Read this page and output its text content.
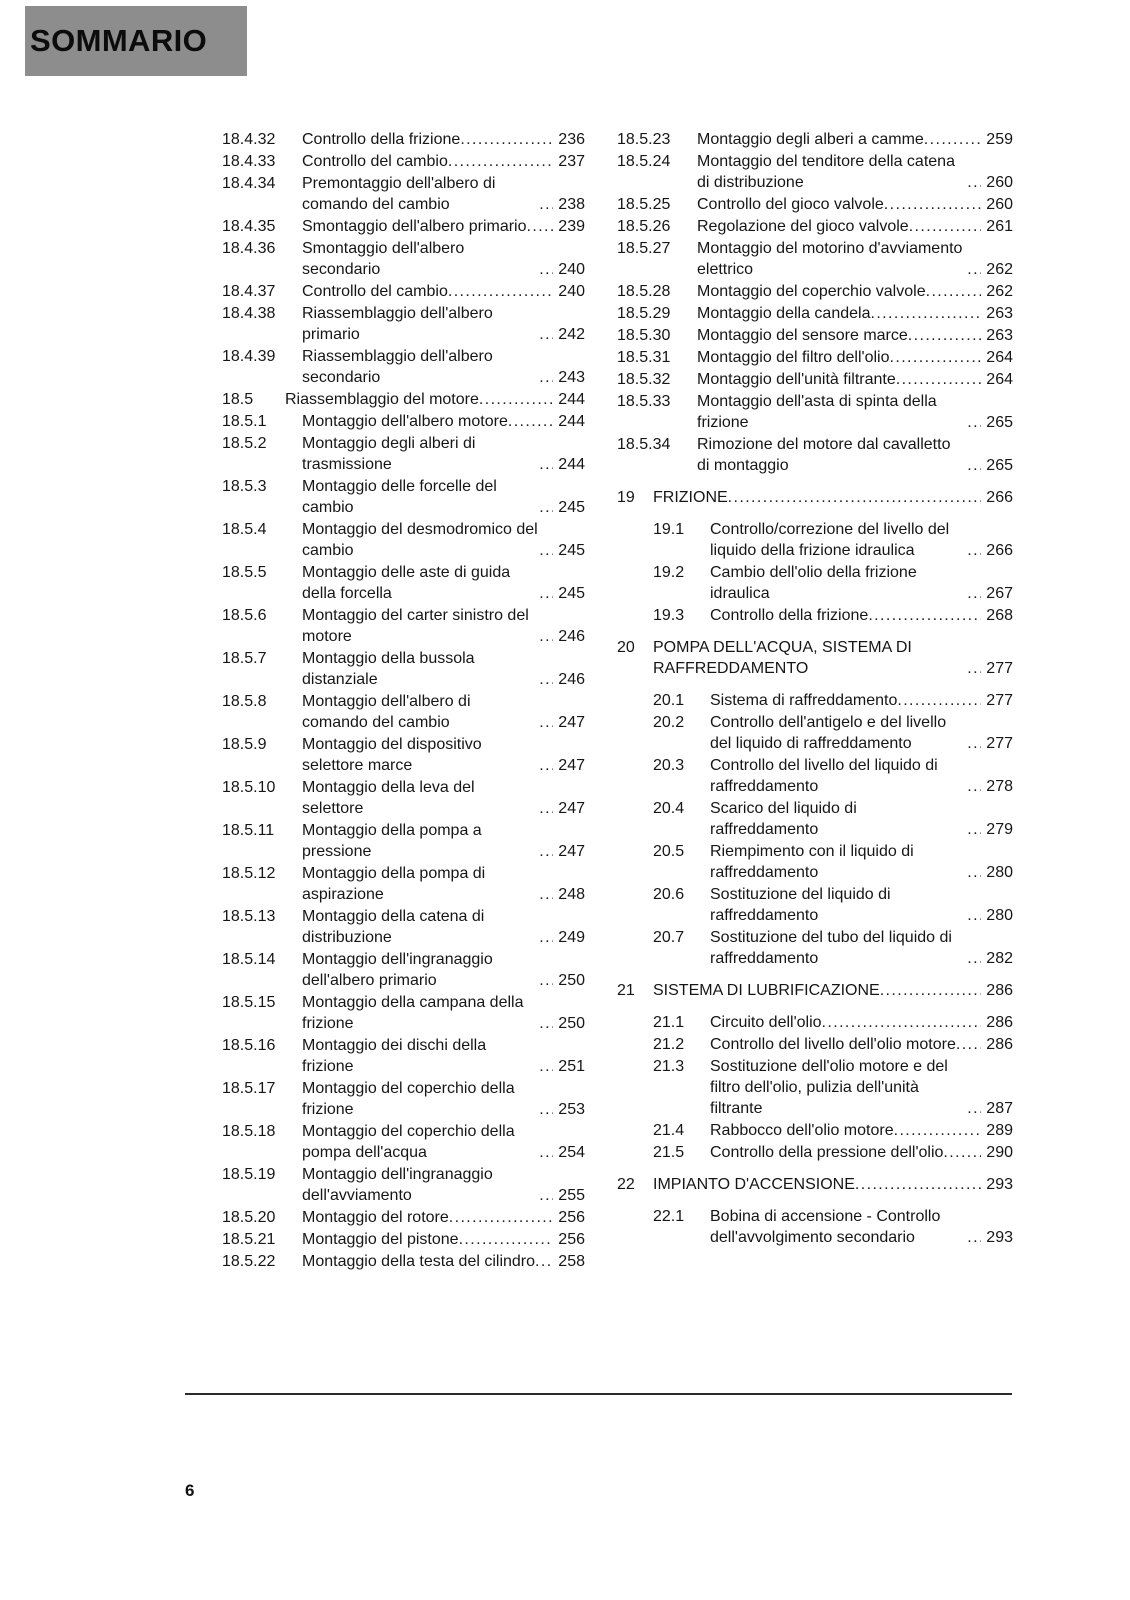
SOMMARIO
18.4.32	Controllo della frizione .....	236
18.4.33	Controllo del cambio .....	237
18.4.34	Premontaggio dell'albero di comando del cambio .....	238
18.4.35	Smontaggio dell'albero primario .....	239
18.4.36	Smontaggio dell'albero secondario .....	240
18.4.37	Controllo del cambio .....	240
18.4.38	Riassemblaggio dell'albero primario .....	242
18.4.39	Riassemblaggio dell'albero secondario .....	243
18.5	Riassemblaggio del motore .....	244
18.5.1	Montaggio dell'albero motore .....	244
18.5.2	Montaggio degli alberi di trasmissione .....	244
18.5.3	Montaggio delle forcelle del cambio .....	245
18.5.4	Montaggio del desmodromico del cambio .....	245
18.5.5	Montaggio delle aste di guida della forcella .....	245
18.5.6	Montaggio del carter sinistro del motore .....	246
18.5.7	Montaggio della bussola distanziale .....	246
18.5.8	Montaggio dell'albero di comando del cambio .....	247
18.5.9	Montaggio del dispositivo selettore marce .....	247
18.5.10	Montaggio della leva del selettore .....	247
18.5.11	Montaggio della pompa a pressione .....	247
18.5.12	Montaggio della pompa di aspirazione .....	248
18.5.13	Montaggio della catena di distribuzione .....	249
18.5.14	Montaggio dell'ingranaggio dell'albero primario .....	250
18.5.15	Montaggio della campana della frizione .....	250
18.5.16	Montaggio dei dischi della frizione .....	251
18.5.17	Montaggio del coperchio della frizione .....	253
18.5.18	Montaggio del coperchio della pompa dell'acqua .....	254
18.5.19	Montaggio dell'ingranaggio dell'avviamento .....	255
18.5.20	Montaggio del rotore .....	256
18.5.21	Montaggio del pistone .....	256
18.5.22	Montaggio della testa del cilindro .....	258
18.5.23	Montaggio degli alberi a camme .....	259
18.5.24	Montaggio del tenditore della catena di distribuzione .....	260
18.5.25	Controllo del gioco valvole .....	260
18.5.26	Regolazione del gioco valvole .....	261
18.5.27	Montaggio del motorino d'avviamento elettrico .....	262
18.5.28	Montaggio del coperchio valvole .....	262
18.5.29	Montaggio della candela .....	263
18.5.30	Montaggio del sensore marce .....	263
18.5.31	Montaggio del filtro dell'olio .....	264
18.5.32	Montaggio dell'unità filtrante .....	264
18.5.33	Montaggio dell'asta di spinta della frizione .....	265
18.5.34	Rimozione del motore dal cavalletto di montaggio .....	265
19	FRIZIONE .....	266
19.1	Controllo/correzione del livello del liquido della frizione idraulica .....	266
19.2	Cambio dell'olio della frizione idraulica .....	267
19.3	Controllo della frizione .....	268
20	POMPA DELL'ACQUA, SISTEMA DI RAFFREDDAMENTO .....	277
20.1	Sistema di raffreddamento .....	277
20.2	Controllo dell'antigelo e del livello del liquido di raffreddamento .....	277
20.3	Controllo del livello del liquido di raffreddamento .....	278
20.4	Scarico del liquido di raffreddamento .....	279
20.5	Riempimento con il liquido di raffreddamento .....	280
20.6	Sostituzione del liquido di raffreddamento .....	280
20.7	Sostituzione del tubo del liquido di raffreddamento .....	282
21	SISTEMA DI LUBRIFICAZIONE .....	286
21.1	Circuito dell'olio .....	286
21.2	Controllo del livello dell'olio motore .....	286
21.3	Sostituzione dell'olio motore e del filtro dell'olio, pulizia dell'unità filtrante .....	287
21.4	Rabbocco dell'olio motore .....	289
21.5	Controllo della pressione dell'olio .....	290
22	IMPIANTO D'ACCENSIONE .....	293
22.1	Bobina di accensione - Controllo dell'avvolgimento secondario .....	293
6
